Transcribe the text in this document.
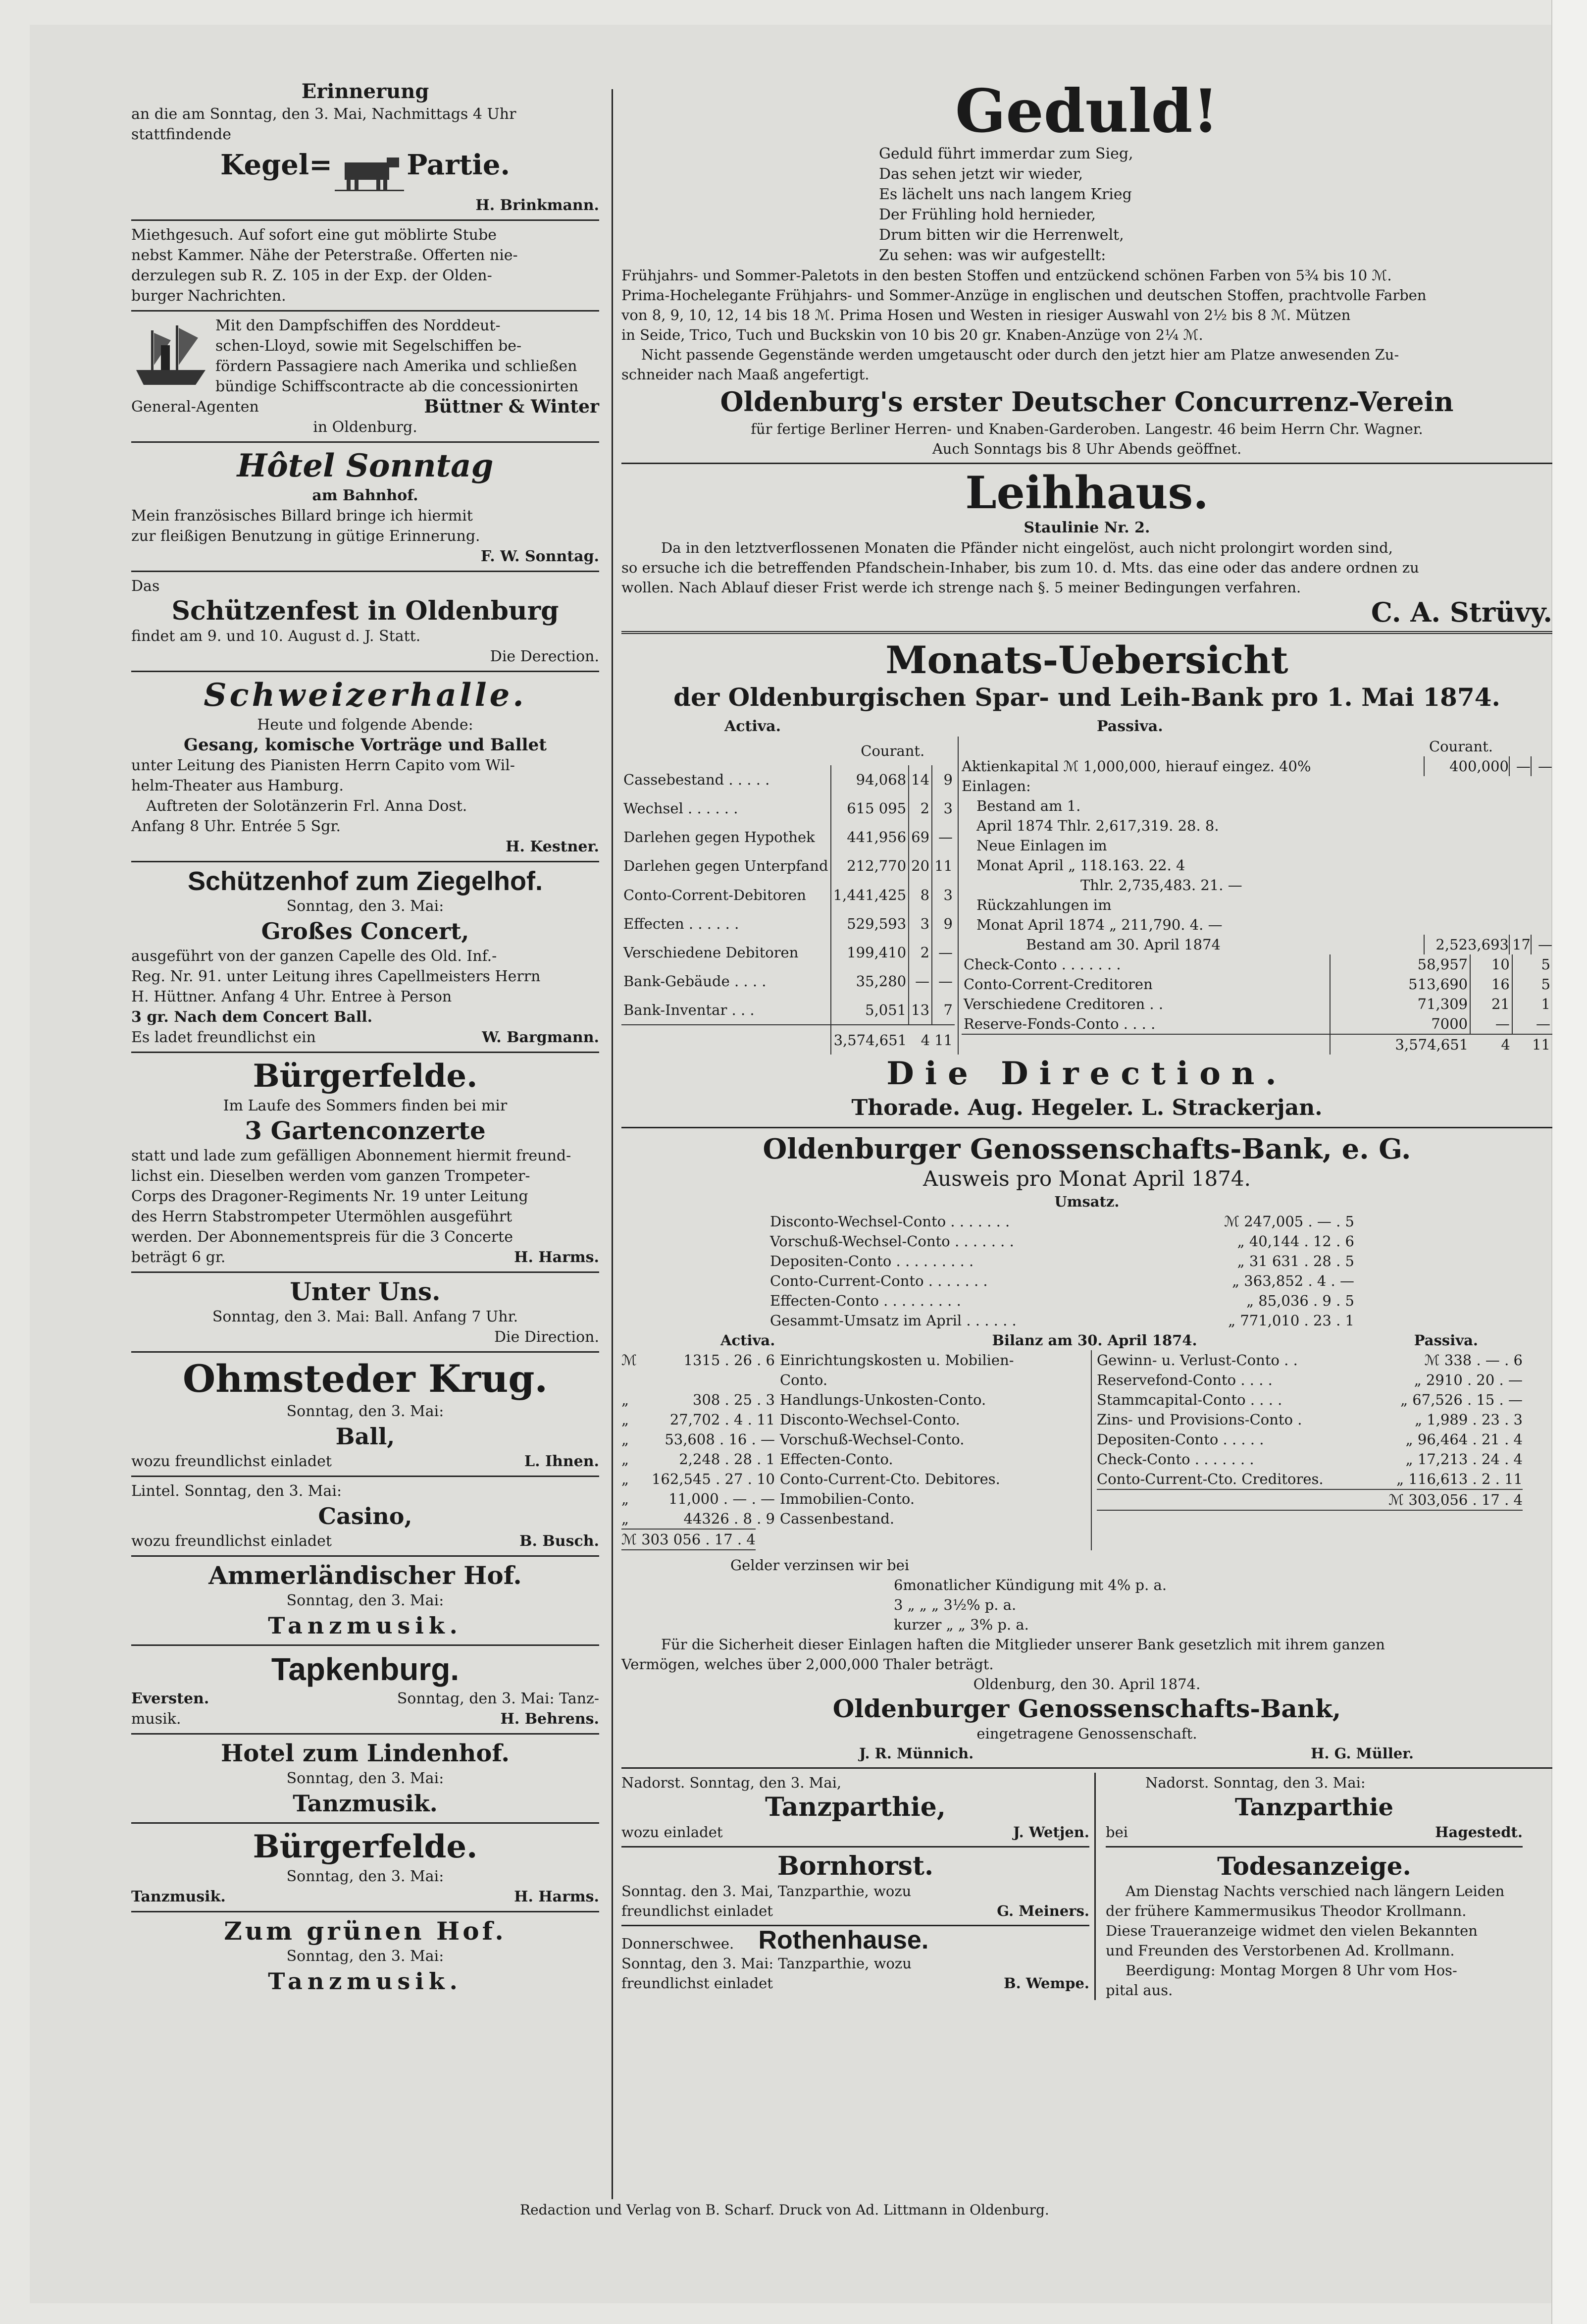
Erinnerung
an die am Sonntag, den 3. Mai, Nachmittags 4 Uhr
stattfindende
Kegel=	Partie.
H. Brinkmann.
Miethgesuch. Auf sofort eine gut möblirte Stube
nebst Kammer. Nähe der Peterstraße. Offerten nie-
derzulegen sub R. Z. 105 in der Exp. der Olden-
burger Nachrichten.
Mit den Dampfschiffen des Norddeut-
schen-Lloyd, sowie mit Segelschiffen be-
fördern Passagiere nach Amerika und schließen
bündige Schiffscontracte ab die concessionirten
General-Agenten	Büttner & Winter
in Oldenburg.
Hôtel Sonntag
am Bahnhof.
Mein französisches Billard bringe ich hiermit
zur fleißigen Benutzung in gütige Erinnerung.
F. W. Sonntag.
Das
Schützenfest in Oldenburg
findet am 9. und 10. August d. J. Statt.
Die Derection.
Schweizerhalle.
Heute und folgende Abende:
Gesang, komische Vorträge und Ballet
unter Leitung des Pianisten Herrn Capito vom Wil-
helm-Theater aus Hamburg.
Auftreten der Solotänzerin Frl. Anna Dost.
Anfang 8 Uhr. Entrée 5 Sgr.
H. Kestner.
Schützenhof zum Ziegelhof.
Sonntag, den 3. Mai:
Großes Concert,
ausgeführt von der ganzen Capelle des Old. Inf.-
Reg. Nr. 91. unter Leitung ihres Capellmeisters Herrn
H. Hüttner. Anfang 4 Uhr. Entree à Person
3 gr. Nach dem Concert Ball.
Es ladet freundlichst ein	W. Bargmann.
Bürgerfelde.
Im Laufe des Sommers finden bei mir
3 Gartenconzerte
statt und lade zum gefälligen Abonnement hiermit freund-
lichst ein. Dieselben werden vom ganzen Trompeter-
Corps des Dragoner-Regiments Nr. 19 unter Leitung
des Herrn Stabstrompeter Utermöhlen ausgeführt
werden. Der Abonnementspreis für die 3 Concerte
beträgt 6 gr.	H. Harms.
Unter Uns.
Sonntag, den 3. Mai: Ball. Anfang 7 Uhr.
Die Direction.
Ohmsteder Krug.
Sonntag, den 3. Mai:
Ball,
wozu freundlichst einladet	L. Ihnen.
Lintel. Sonntag, den 3. Mai:
Casino,
wozu freundlichst einladet	B. Busch.
Ammerländischer Hof.
Sonntag, den 3. Mai:
Tanzmusik.
Tapkenburg.
Eversten.	Sonntag, den 3. Mai: Tanz-
musik.	H. Behrens.
Hotel zum Lindenhof.
Sonntag, den 3. Mai:
Tanzmusik.
Bürgerfelde.
Sonntag, den 3. Mai:
Tanzmusik.	H. Harms.
Zum grünen Hof.
Sonntag, den 3. Mai:
Tanzmusik.
Geduld!
Geduld führt immerdar zum Sieg,
Das sehen jetzt wir wieder,
Es lächelt uns nach langem Krieg
Der Frühling hold hernieder,
Drum bitten wir die Herrenwelt,
Zu sehen: was wir aufgestellt:
Frühjahrs- und Sommer-Paletots in den besten Stoffen und entzückend schönen Farben von 5¾ bis 10 ℳ.
Prima-Hochelegante Frühjahrs- und Sommer-Anzüge in englischen und deutschen Stoffen, prachtvolle Farben
von 8, 9, 10, 12, 14 bis 18 ℳ. Prima Hosen und Westen in riesiger Auswahl von 2½ bis 8 ℳ. Mützen
in Seide, Trico, Tuch und Buckskin von 10 bis 20 gr. Knaben-Anzüge von 2¼ ℳ.
Nicht passende Gegenstände werden umgetauscht oder durch den jetzt hier am Platze anwesenden Zu-
schneider nach Maaß angefertigt.
Oldenburg's erster Deutscher Concurrenz-Verein
für fertige Berliner Herren- und Knaben-Garderoben. Langestr. 46 beim Herrn Chr. Wagner.
Auch Sonntags bis 8 Uhr Abends geöffnet.
Leihhaus.
Staulinie Nr. 2.
Da in den letztverflossenen Monaten die Pfänder nicht eingelöst, auch nicht prolongirt worden sind,
so ersuche ich die betreffenden Pfandschein-Inhaber, bis zum 10. d. Mts. das eine oder das andere ordnen zu
wollen. Nach Ablauf dieser Frist werde ich strenge nach §. 5 meiner Bedingungen verfahren.
C. A. Strüvy.
Monats-Uebersicht
der Oldenburgischen Spar- und Leih-Bank pro 1. Mai 1874.
Activa.	Passiva.
	Courant.		
Cassebestand . . . . .	94,068	14	9
Wechsel . . . . . .	615 095	2	3
Darlehen gegen Hypothek	441,956	69	—
Darlehen gegen Unterpfand	212,770	20	11
Conto-Corrent-Debitoren	1,441,425	8	3
Effecten . . . . . .	529,593	3	9
Verschiedene Debitoren	199,410	2	—
Bank-Gebäude . . . .	35,280	—	—
Bank-Inventar . . .	5,051	13	7
	3,574,651	4	11
Courant.
Aktienkapital ℳ 1,000,000, hierauf eingez. 40%	400,000 — —
Einlagen:
Bestand am 1.
April 1874 Thlr. 2,617,319. 28. 8.
Neue Einlagen im
Monat April „ 118.163. 22. 4
Thlr. 2,735,483. 21. —
Rückzahlungen im
Monat April 1874 „ 211,790. 4. —
Bestand am 30. April 1874	2,523,693 17 —
Check-Conto . . . . . . .	58,957	10	5
Conto-Corrent-Creditoren	513,690	16	5
Verschiedene Creditoren . .	71,309	21	1
Reserve-Fonds-Conto . . . .	7000	—	—
	3,574,651	4	11
Die Direction.
Thorade. Aug. Hegeler. L. Strackerjan.
Oldenburger Genossenschafts-Bank, e. G.
Ausweis pro Monat April 1874.
Umsatz.
Disconto-Wechsel-Conto . . . . . . .	ℳ 247,005 . — . 5
Vorschuß-Wechsel-Conto . . . . . . .	„ 40,144 . 12 . 6
Depositen-Conto . . . . . . . . .	„ 31 631 . 28 . 5
Conto-Current-Conto . . . . . . .	„ 363,852 . 4 . —
Effecten-Conto . . . . . . . . .	„ 85,036 . 9 . 5
Gesammt-Umsatz im April . . . . . .	„ 771,010 . 23 . 1
Activa.	Bilanz am 30. April 1874.	Passiva.
ℳ	1315 . 26 . 6 Einrichtungskosten u. Mobilien-
Conto.
„	308 . 25 . 3 Handlungs-Unkosten-Conto.
„	27,702 . 4 . 11 Disconto-Wechsel-Conto.
„	53,608 . 16 . — Vorschuß-Wechsel-Conto.
„	2,248 . 28 . 1 Effecten-Conto.
„	162,545 . 27 . 10 Conto-Current-Cto. Debitores.
„	11,000 . — . — Immobilien-Conto.
„	44326 . 8 . 9 Cassenbestand.
ℳ 303 056 . 17 . 4
Gewinn- u. Verlust-Conto . .	ℳ 338 . — . 6
Reservefond-Conto . . . .	„ 2910 . 20 . —
Stammcapital-Conto . . . .	„ 67,526 . 15 . —
Zins- und Provisions-Conto .	„ 1,989 . 23 . 3
Depositen-Conto . . . . .	„ 96,464 . 21 . 4
Check-Conto . . . . . . .	„ 17,213 . 24 . 4
Conto-Current-Cto. Creditores.	„ 116,613 . 2 . 11
ℳ 303,056 . 17 . 4
Gelder verzinsen wir bei
6monatlicher Kündigung mit 4% p. a.
3 „ „ „ 3½% p. a.
kurzer „ „ 3% p. a.
Für die Sicherheit dieser Einlagen haften die Mitglieder unserer Bank gesetzlich mit ihrem ganzen
Vermögen, welches über 2,000,000 Thaler beträgt.
Oldenburg, den 30. April 1874.
Oldenburger Genossenschafts-Bank,
eingetragene Genossenschaft.
J. R. Münnich.	H. G. Müller.
Nadorst. Sonntag, den 3. Mai,
Tanzparthie,
wozu einladet	J. Wetjen.
Bornhorst.
Sonntag. den 3. Mai, Tanzparthie, wozu
freundlichst einladet	G. Meiners.
Donnerschwee. Rothenhause.
Sonntag, den 3. Mai: Tanzparthie, wozu
freundlichst einladet	B. Wempe.
Nadorst. Sonntag, den 3. Mai:
Tanzparthie
bei	Hagestedt.
Todesanzeige.
Am Dienstag Nachts verschied nach längern Leiden
der frühere Kammermusikus Theodor Krollmann.
Diese Traueranzeige widmet den vielen Bekannten
und Freunden des Verstorbenen Ad. Krollmann.
Beerdigung: Montag Morgen 8 Uhr vom Hos-
pital aus.
Redaction und Verlag von B. Scharf. Druck von Ad. Littmann in Oldenburg.
